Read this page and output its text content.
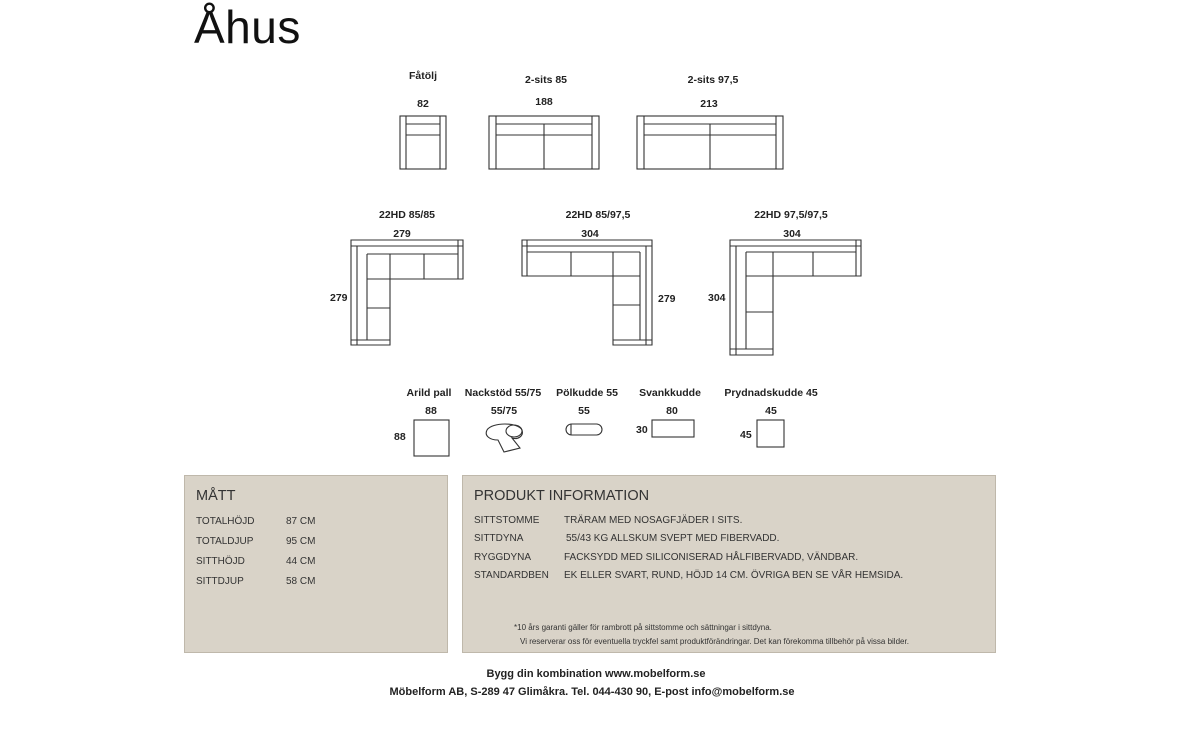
Åhus
Fåtölj
82
2-sits 85
188
2-sits 97,5
213
22HD 85/85
279
279
22HD 85/97,5
304
279
22HD 97,5/97,5
304
304
Arild pall
88
88
Nackstöd 55/75
55/75
Pölkudde 55
55
Svankkudde
80
30
Prydnadskudde 45
45
45
MÅTT
TOTALHÖJD	87 CM
TOTALDJUP	95 CM
SITTHÖJD	44 CM
SITTDJUP	58 CM
PRODUKT INFORMATION
SITTSTOMME TRÄRAM MED NOSAGFJÄDER I SITS.
SITTDYNA	55/43 KG ALLSKUM SVEPT MED FIBERVADD.
RYGGDYNA	FACKSYDD MED SILICONISERAD HÅLFIBERVADD, VÄNDBAR.
STANDARDBEN EK ELLER SVART, RUND, HÖJD 14 CM. ÖVRIGA BEN SE VÅR HEMSIDA.
*10 års garanti gäller för rambrott på sittstomme och sättningar i sittdyna.
Vi reserverar oss för eventuella tryckfel samt produktförändringar. Det kan förekomma tillbehör på vissa bilder.
Bygg din kombination www.mobelform.se
Möbelform AB, S-289 47 Glimåkra. Tel. 044-430 90, E-post info@mobelform.se
